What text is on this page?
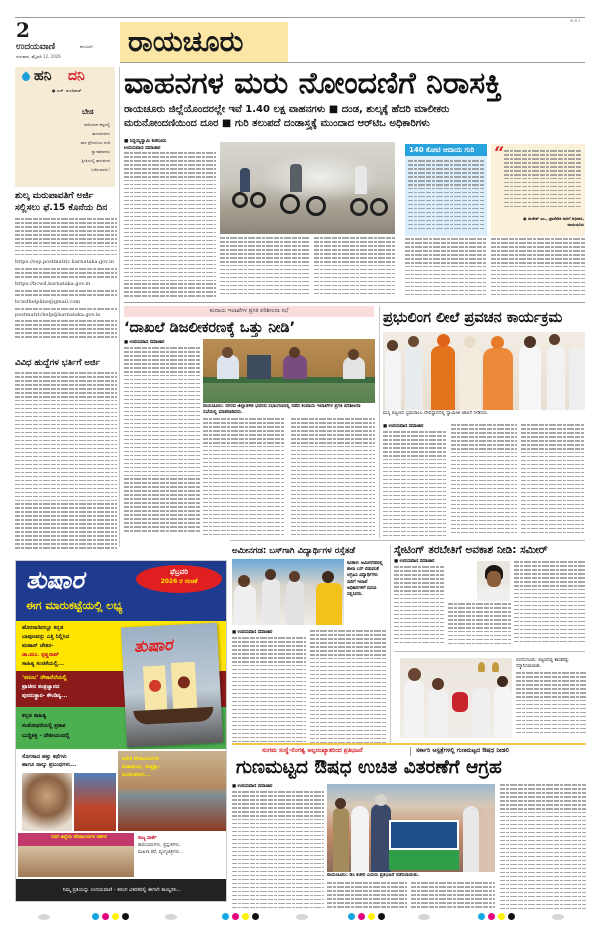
2
ಉದಯವಾಣಿ	ಕಲಬುರಗಿ
ಗುರುವಾರ, ಫೆಬ್ರವರಿ 12, 2026 ರಾಯಚೂರು
RCR 2
ಹನಿ ದನಿ
● ಎಚ್. ಡುಂಡಿರಾಜ್
ಬೇಡ
ದಾರಿಯಾದ ಕಷ್ಟದಲ್ಲಿ
ತಾಳುವಂಥದು
ವಾಸ ಪ್ರೇಯಸಿಯ ನುಡಿ
ಸ್ವಾಗತವಾದರು
ಪ್ರೀತಿಯಲ್ಲಿ ತಾಳುವಂಥ
ಬರೆಸಬಾರದು!
ಶುಲ್ಕ ಮರುಪಾವತಿಗೆ ಅರ್ಜಿ ಸಲ್ಲಿಸಲು ಫೆ.15 ಕೊನೆಯ ದಿನ
https://ssp.postmatric.karnataka.gov.in
https://bcwd.karnataka.gov.in
bcwdhelpline@gmail.com
postmatrichelp@karnataka.gov.in
ವಿವಿಧ ಹುದ್ದೆಗಳ ಭರ್ತಿಗೆ ಅರ್ಜಿ
ವಾಹನಗಳ ಮರು ನೋಂದಣಿಗೆ ನಿರಾಸಕ್ತಿ
ರಾಯಚೂರು ಜಿಲ್ಲೆಯೊಂದರಲ್ಲೇ ಇವೆ 1.40 ಲಕ್ಷ ವಾಹನಗಳು ■ ದಂಡ, ಶುಲ್ಕಕ್ಕೆ ಹೆದರಿ ಮಾಲೀಕರು
ಮರುನೋಂದಣಿಯಿಂದ ದೂರ ■ ಗುರಿ ತಲುಪದೆ ದಂಡಾಸ್ತ್ರಕ್ಕೆ ಮುಂದಾದ ಆರ್‌ಟಿಒ ಅಧಿಕಾರಿಗಳು
■ ಸಿದ್ದಯ್ಯಸ್ವಾಮಿ ಕುಕನೂರು
ಉದಯವಾಣಿ ಸಮಾಚಾರ	140 ಕೋಟಿ ಆದಾಯ ಗುರಿ	“
● ರಾಜೇಶ್ ಎಂ., ಪ್ರಾದೇಶಿಕ ಸಾರಿಗೆ ಅಧಿಕಾರಿ, ರಾಯಚೂರು
ಕಂದಾಯ ಇಲಾಖೆಗಳ ಪ್ರಗತಿ ಪರಿಶೀಲನಾ ಸಭೆ
‘ದಾಖಲೆ ಡಿಜಲೀಕರಣಕ್ಕೆ ಒತ್ತು ನೀಡಿ’
■ ಉದಯವಾಣಿ ಸಮಾಚಾರ
ರಾಯಚೂರು: ನಗರದ ಜಿಲ್ಲಾಡಳಿತ ಭವನದ ಸಭಾಂಗಣದಲ್ಲಿ ನಡೆದ ಕಂದಾಯ ಇಲಾಖೆಗಳ ಪ್ರಗತಿ ಪರಿಶೀಲನಾ ಸಭೆಯಲ್ಲಿ ಮಾತನಾಡಿದರು.
ಪ್ರಭುಲಿಂಗ ಲೀಲೆ ಪ್ರವಚನ ಕಾರ್ಯಕ್ರಮ
ಮಸ್ಕಿ ಪಟ್ಟಣದ ಭ್ರಮರಾಂಬ ದೇವಸ್ಥಾನದಲ್ಲಿ ಸ್ವಾಮೀಜಿ ಚಾಲನೆ ನೀಡಿದರು.
■ ಉದಯವಾಣಿ ಸಮಾಚಾರ
ತುಷಾರ	ಫೆಬ್ರವರಿ
2026 ರ ಸಂಚಿಕೆ
ಈಗ ಮಾರುಕಟ್ಟೆಯಲ್ಲಿ ಲಭ್ಯ
ಹೊರನಾಡಿನಲ್ಲೂ ಕನ್ನಡ
ಬಾವುಟವನ್ನು ಎತ್ತಿ ನಿಲ್ಲಿಸಿದ
ಮಹಾನ್ ಚೇತನ-
ಡಾ.ಮಂ. ಕೃಷ್ಣರಾವ್
ಸಾಹಿತ್ಯ ಸಂಚಿಕೆಯಲ್ಲಿ...
‘ಕದಂಬ’ ನೌಕಾನೆಲೆಯಲ್ಲಿ
ಪ್ರಾಚೀನ ತಂತ್ರಜ್ಞಾನದ
ಪುನರುತ್ಥಾನ- ಕೌಂಡಿನ್ಯ...
ಕನ್ನಡ ಸಾಹಿತ್ಯ
ಸಂಶೋಧನೆಯಲ್ಲಿ ಪ್ರಕಾಶ
ಬುದ್ಧಿಶಕ್ತಿ - ದೇಶೀಯಂದಲ್ಲಿ
ತುಷಾರ
ಸೊಗಸಾದ ಹತ್ತು ಕಥೆಗಳು
ಹಾಗೂ ನಾಲ್ಕು ಪ್ರಬಂಧಗಳು...
ಅನೇಕ ದೇವಾಲಯಗಳು
ಮಹಾಕುಂಭ, ಮತ್ತಷ್ಟು-
ಮನಸಂತರಂಗ...
ಗದಗ ಜಿಲ್ಲೆಯ ದೇವಾಲಯಗಳ ದರ್ಶನ	ರಾಜ್ಯ ವಾರ್ತೆ
ಕಾರುಬಾರುಗಳು, ಪ್ರಸ್ತುತಗಳು,
ಮಹಿಳಾ ಕಥೆ, ವ್ಯಂಗ್ಯಚಿತ್ರಗಳು...
ನಿಮ್ಮ ಪ್ರತಿಯನ್ನು ಉದಯವಾಣಿ - ತರಂಗ ವಿತರಕರಲ್ಲಿ ಈಗಲೇ ಕಾಯ್ದಿರಿಸಿ...
ಅಮೀನಗಡ: ಬಸ್‌ಗಾಗಿ ವಿದ್ಯಾರ್ಥಿಗಳ ರಸ್ತೆತಡೆ
ಕವಿತಾಳ: ಅಮೀನಗಡದಲ್ಲಿ ಶಾಲಾ ಬಸ್ ಬಿಡುವಂತೆ ಆಗ್ರಹಿಸಿ ವಿದ್ಯಾರ್ಥಿಗಳು ಸಾರಿಗೆ ಇಲಾಖೆ ಅಧಿಕಾರಿಗಳಿಗೆ ಮನವಿ ಸಲ್ಲಿಸಿದರು.
■ ಉದಯವಾಣಿ ಸಮಾಚಾರ
ಸ್ಕೇಟಿಂಗ್ ತರಬೇತಿಗೆ ಅವಕಾಶ ನೀಡಿ: ಸಮೀರ್
■ ಉದಯವಾಣಿ ಸಮಾಚಾರ
ಲಿಂಗಸುಗೂರು: ಪಟ್ಟಣದಲ್ಲಿ ಶಾಸಕರನ್ನು ಸನ್ಮಾನಿಸಲಾಯಿತು.
ಸಂಗಮ ಸಂಸ್ಥೆ-ಲಿಂಗತ್ವ ಅಲ್ಪಸಂಖ್ಯಾತರಿಂದ ಪ್ರತಿಭಟನೆ	ಸರ್ಕಾರಿ ಆಸ್ಪತ್ರೆಗಳಲ್ಲಿ ಗುಣಮಟ್ಟದ ಔಷಧ ನೀಡಲಿ
ಗುಣಮಟ್ಟದ ಔಷಧ ಉಚಿತ ವಿತರಣೆಗೆ ಆಗ್ರಹ
■ ಉದಯವಾಣಿ ಸಮಾಚಾರ
ರಾಯಚೂರು: ಡಿಸಿ ಕಚೇರಿ ಎದುರು ಪ್ರತಿಭಟನೆ ನಡೆಸಲಾಯಿತು.
